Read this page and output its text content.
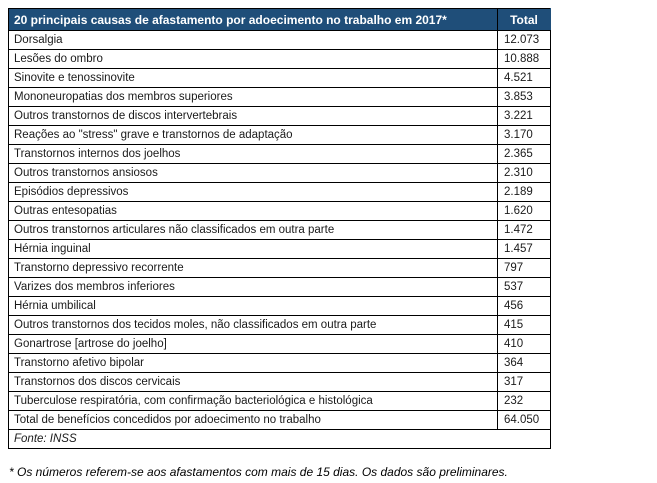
20 principais causas de afastamento por adoecimento no trabalho em 2017*	Total
Dorsalgia	12.073
Lesões do ombro	10.888
Sinovite e tenossinovite	4.521
Mononeuropatias dos membros superiores	3.853
Outros transtornos de discos intervertebrais	3.221
Reações ao "stress" grave e transtornos de adaptação	3.170
Transtornos internos dos joelhos	2.365
Outros transtornos ansiosos	2.310
Episódios depressivos	2.189
Outras entesopatias	1.620
Outros transtornos articulares não classificados em outra parte	1.472
Hérnia inguinal	1.457
Transtorno depressivo recorrente	797
Varizes dos membros inferiores	537
Hérnia umbilical	456
Outros transtornos dos tecidos moles, não classificados em outra parte	415
Gonartrose [artrose do joelho]	410
Transtorno afetivo bipolar	364
Transtornos dos discos cervicais	317
Tuberculose respiratória, com confirmação bacteriológica e histológica	232
Total de benefícios concedidos por adoecimento no trabalho	64.050
Fonte: INSS	
* Os números referem-se aos afastamentos com mais de 15 dias. Os dados são preliminares.
